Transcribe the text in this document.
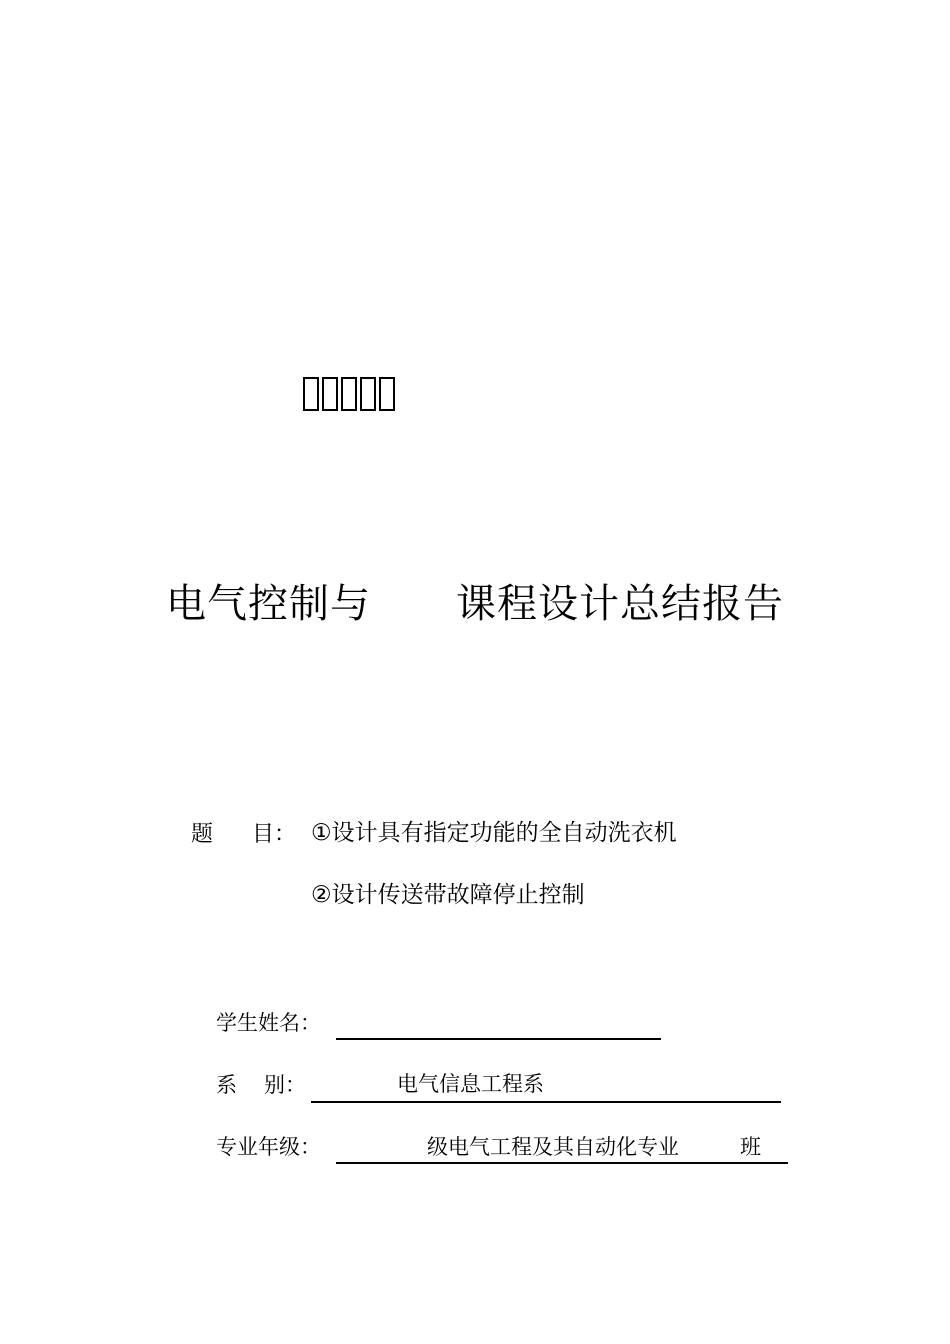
电气控制与 课程设计总结报告
题 目： ①设计具有指定功能的全自动洗衣机
②设计传送带故障停止控制
学生姓名：
系 别：	电气信息工程系
专业年级：	级电气工程及其自动化专业	班
